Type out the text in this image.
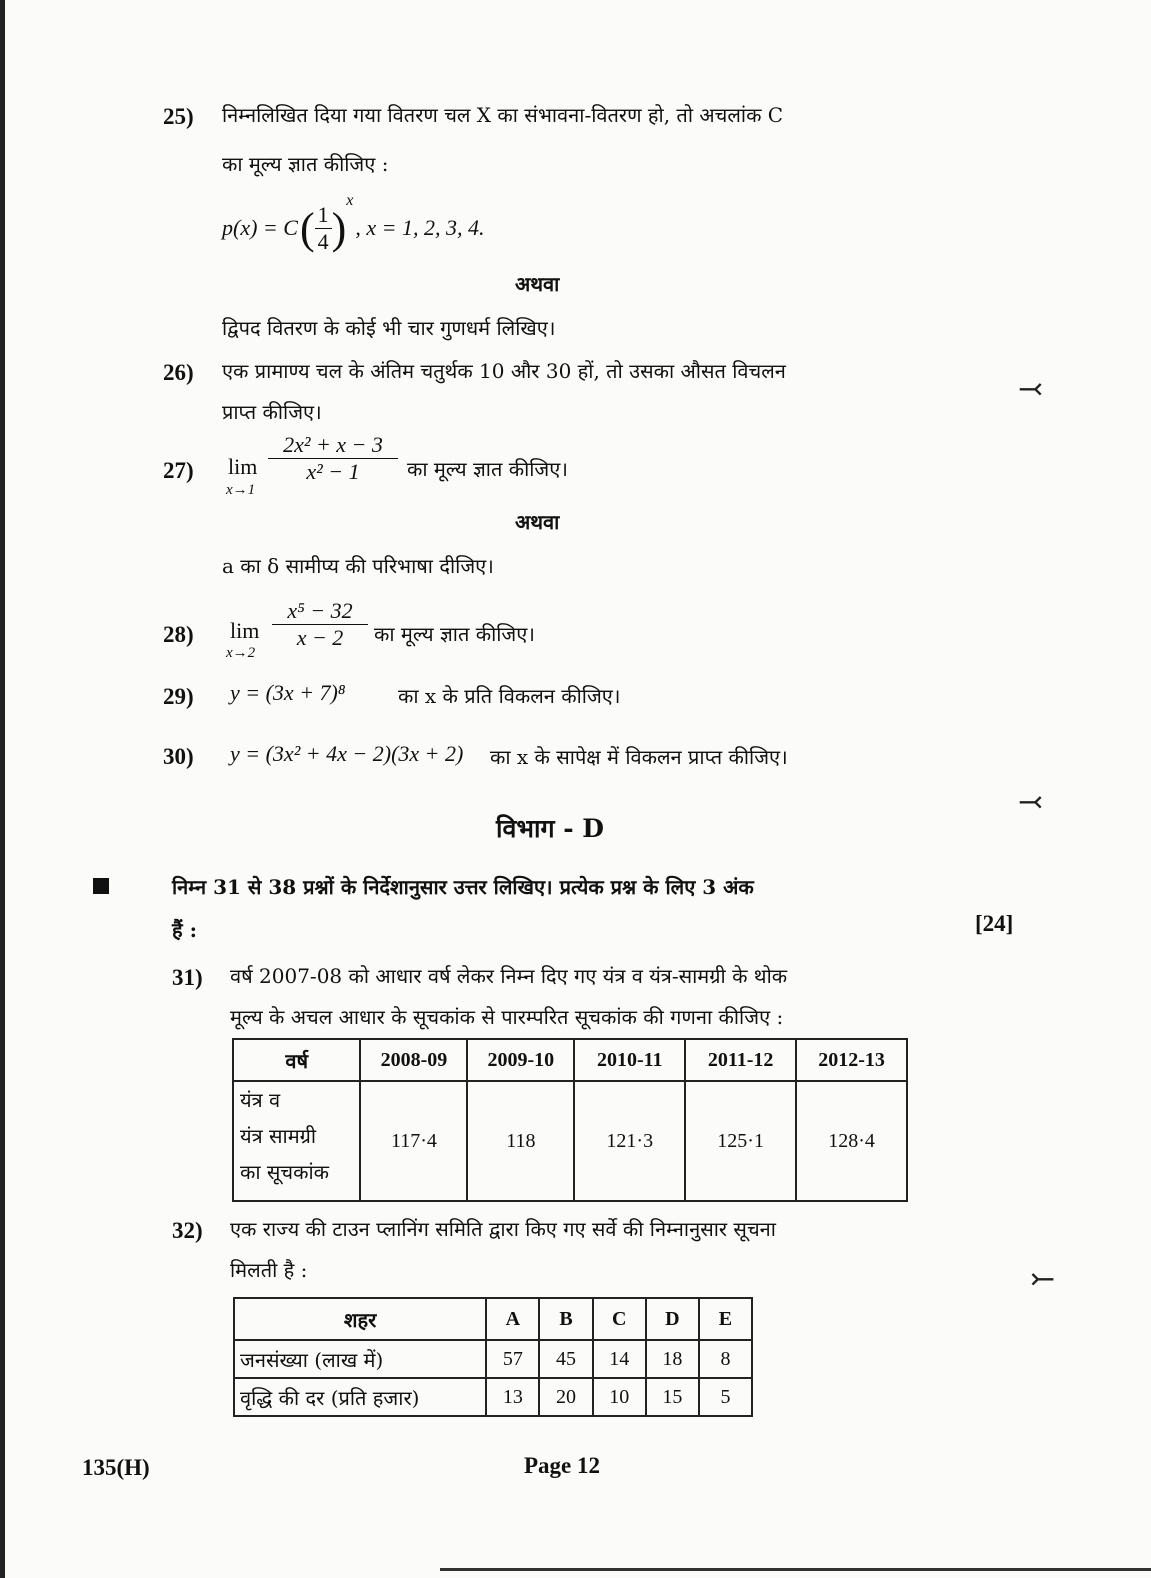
25) निम्नलिखित दिया गया वितरण चल X का संभावना-वितरण हो, तो अचलांक C
का मूल्य ज्ञात कीजिए :
p(x) = C ( $\frac{1}{4}$ )
x
, x = 1, 2, 3, 4.
अथवा
द्विपद वितरण के कोई भी चार गुणधर्म लिखिए।
26) एक प्रामाण्य चल के अंतिम चतुर्थक 10 और 30 हों, तो उसका औसत विचलन
प्राप्त कीजिए।
27) lim
x→1
$\frac{\text{2x² + x − 3}}{\text{x² − 1}}$ का मूल्य ज्ञात कीजिए।
अथवा
a का δ सामीप्य की परिभाषा दीजिए।
28) lim
x→2
$\frac{\text{x⁵ − 32}}{x - 2}$ का मूल्य ज्ञात कीजिए।
29) y = (3x + 7)⁸	का x के प्रति विकलन कीजिए।
30) y = (3x² + 4x − 2)(3x + 2) का x के सापेक्ष में विकलन प्राप्त कीजिए।
विभाग - D
निम्न 31 से 38 प्रश्नों के निर्देशानुसार उत्तर लिखिए। प्रत्येक प्रश्न के लिए 3 अंक
हैं :	[24]
31) वर्ष 2007-08 को आधार वर्ष लेकर निम्न दिए गए यंत्र व यंत्र-सामग्री के थोक
मूल्य के अचल आधार के सूचकांक से पारम्परित सूचकांक की गणना कीजिए :
वर्ष	2008-09	2009-10	2010-11	2011-12	2012-13

यंत्र व
यंत्र सामग्री
का सूचकांक	117·4	118	121·3	125·1	128·4
32) एक राज्य की टाउन प्लानिंग समिति द्वारा किए गए सर्वे की निम्नानुसार सूचना
मिलती है :
शहर	A	B	C	D	E
जनसंख्या (लाख में)	57	45	14	18	8
वृद्धि की दर (प्रति हजार)	13	20	10	15	5
135(H)	Page 12
⤙
⤙
⤚
